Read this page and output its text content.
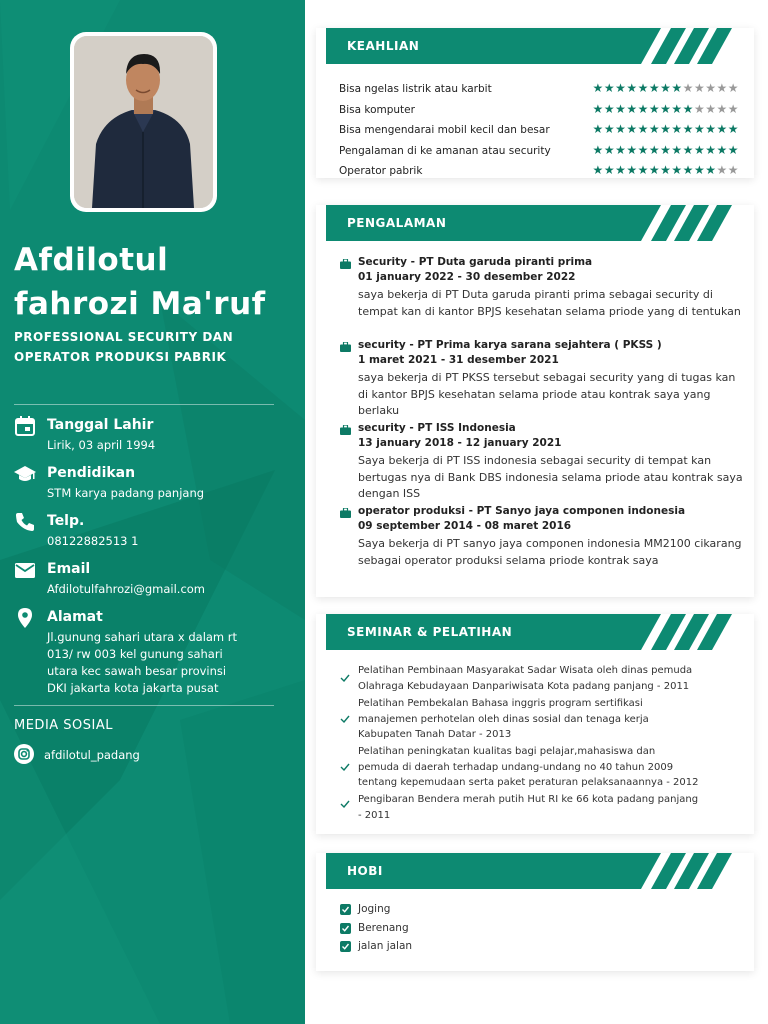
Afdilotul
fahrozi Ma'ruf
PROFESSIONAL SECURITY DAN
OPERATOR PRODUKSI PABRIK
Tanggal Lahir
Lirik, 03 april 1994
Pendidikan
STM karya padang panjang
Telp.
08122882513 1
Email
Afdilotulfahrozi@gmail.com
Alamat
Jl.gunung sahari utara x dalam rt
013/ rw 003 kel gunung sahari
utara kec sawah besar provinsi
DKI jakarta kota jakarta pusat
MEDIA SOSIAL
afdilotul_padang
KEAHLIAN
Bisa ngelas listrik atau karbit	★★★★★★★★★★★★★
Bisa komputer	★★★★★★★★★★★★★
Bisa mengendarai mobil kecil dan besar	★★★★★★★★★★★★★
Pengalaman di ke amanan atau security	★★★★★★★★★★★★★
Operator pabrik	★★★★★★★★★★★★★
PENGALAMAN
Security - PT Duta garuda piranti prima
01 january 2022 - 30 desember 2022
saya bekerja di PT Duta garuda piranti prima sebagai security di tempat kan di kantor BPJS kesehatan selama priode yang di tentukan
security - PT Prima karya sarana sejahtera ( PKSS )
1 maret 2021 - 31 desember 2021
saya bekerja di PT PKSS tersebut sebagai security yang di tugas kan di kantor BPJS kesehatan selama priode atau kontrak saya yang berlaku
security - PT ISS Indonesia
13 january 2018 - 12 january 2021
Saya bekerja di PT ISS indonesia sebagai security di tempat kan bertugas nya di Bank DBS indonesia selama priode atau kontrak saya dengan ISS
operator produksi - PT Sanyo jaya componen indonesia
09 september 2014 - 08 maret 2016
Saya bekerja di PT sanyo jaya componen indonesia MM2100 cikarang sebagai operator produksi selama priode kontrak saya
SEMINAR & PELATIHAN
Pelatihan Pembinaan Masyarakat Sadar Wisata oleh dinas pemuda
Olahraga Kebudayaan Danpariwisata Kota padang panjang - 2011
Pelatihan Pembekalan Bahasa inggris program sertifikasi
manajemen perhotelan oleh dinas sosial dan tenaga kerja
Kabupaten Tanah Datar - 2013
Pelatihan peningkatan kualitas bagi pelajar,mahasiswa dan
pemuda di daerah terhadap undang-undang no 40 tahun 2009
tentang kepemudaan serta paket peraturan pelaksanaannya - 2012
Pengibaran Bendera merah putih Hut RI ke 66 kota padang panjang
- 2011
HOBI
Joging
Berenang
jalan jalan
